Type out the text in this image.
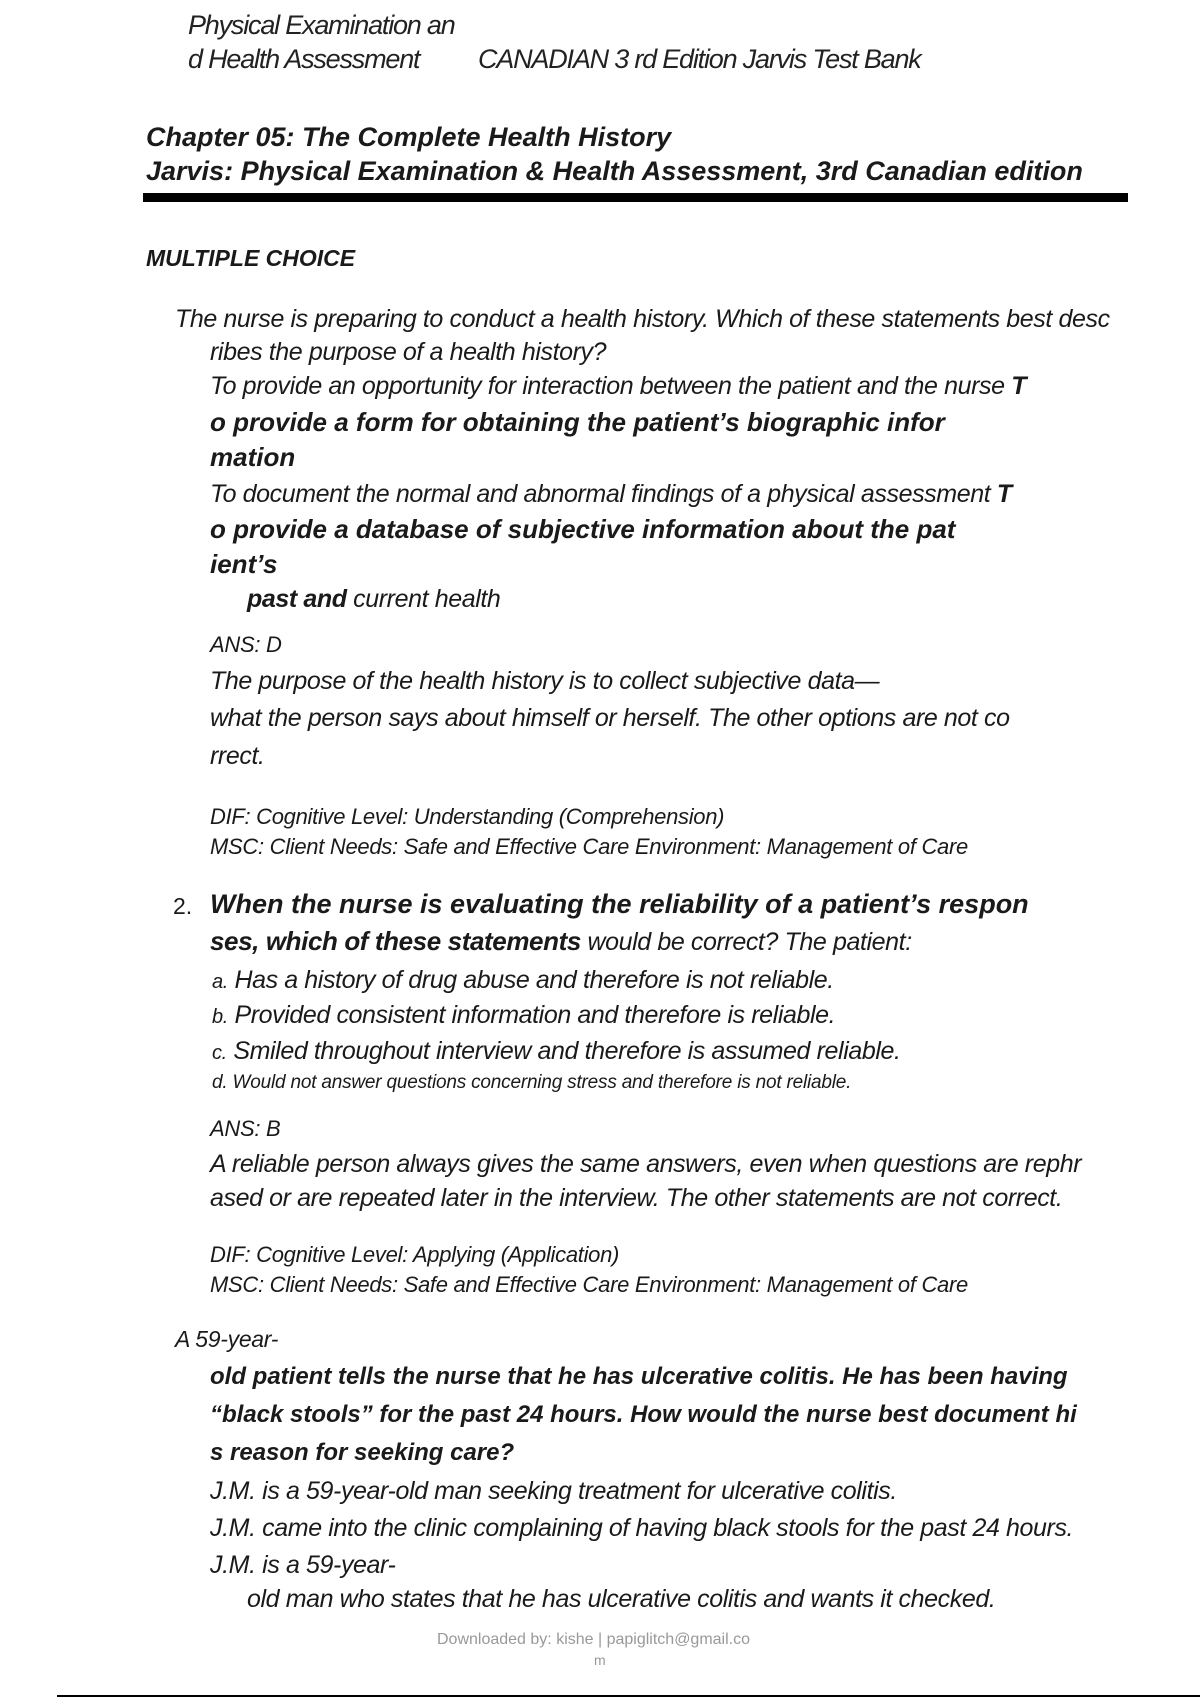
Physical Examination an
d Health Assessment CANADIAN 3 rd Edition Jarvis Test Bank
Chapter 05: The Complete Health History
Jarvis: Physical Examination & Health Assessment, 3rd Canadian edition
MULTIPLE CHOICE
The nurse is preparing to conduct a health history. Which of these statements best desc
ribes the purpose of a health history?
To provide an opportunity for interaction between the patient and the nurse T
o provide a form for obtaining the patient’s biographic infor
mation
To document the normal and abnormal findings of a physical assessment T
o provide a database of subjective information about the pat
ient’s
past and current health
ANS: D
The purpose of the health history is to collect subjective data—
what the person says about himself or herself. The other options are not co
rrect.
DIF: Cognitive Level: Understanding (Comprehension)
MSC: Client Needs: Safe and Effective Care Environment: Management of Care
2. When the nurse is evaluating the reliability of a patient’s respon
ses, which of these statements would be correct? The patient:
a. Has a history of drug abuse and therefore is not reliable.
b. Provided consistent information and therefore is reliable.
c. Smiled throughout interview and therefore is assumed reliable.
d. Would not answer questions concerning stress and therefore is not reliable.
ANS: B
A reliable person always gives the same answers, even when questions are rephr
ased or are repeated later in the interview. The other statements are not correct.
DIF: Cognitive Level: Applying (Application)
MSC: Client Needs: Safe and Effective Care Environment: Management of Care
A 59-year-
old patient tells the nurse that he has ulcerative colitis. He has been having
“black stools” for the past 24 hours. How would the nurse best document hi
s reason for seeking care?
J.M. is a 59-year-old man seeking treatment for ulcerative colitis.
J.M. came into the clinic complaining of having black stools for the past 24 hours.
J.M. is a 59-year-
old man who states that he has ulcerative colitis and wants it checked.
Downloaded by: kishe | papiglitch@gmail.co
m
